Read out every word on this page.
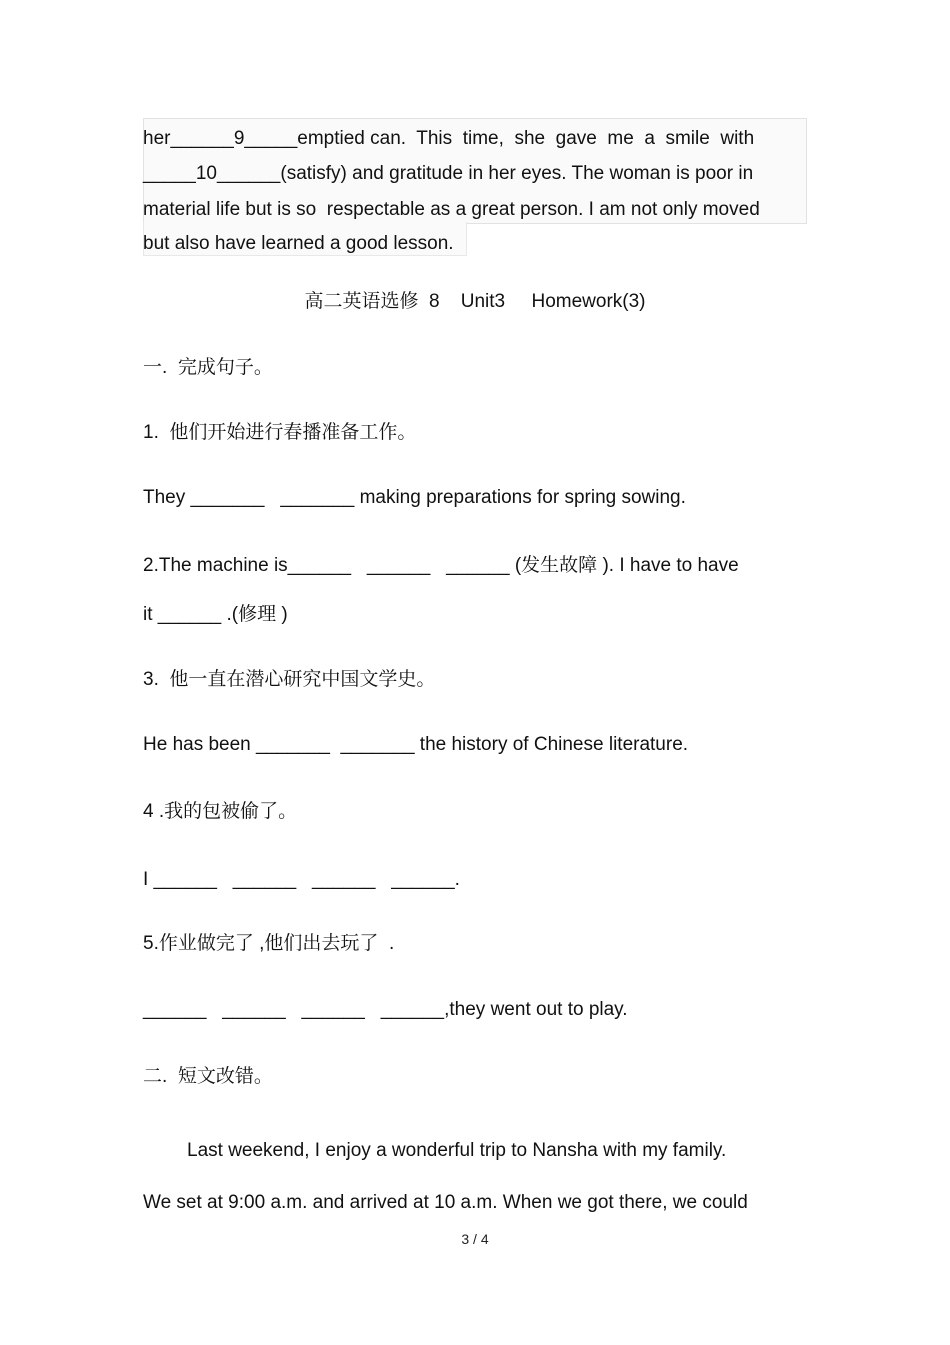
her______9_____emptied can.  This  time,  she  gave  me  a  smile  with
_____10______(satisfy) and gratitude in her eyes. The woman is poor in
material life but is so  respectable as a great person. I am not only moved
but also have learned a good lesson.
高二英语选修  8    Unit3     Homework(3)
一.  完成句子。
1.  他们开始进行春播准备工作。
They _______   _______ making preparations for spring sowing.
2.The machine is______   ______   ______ (发生故障 ). I have to have
it ______ .(修理 )
3.  他一直在潜心研究中国文学史。
He has been _______  _______ the history of Chinese literature.
4 .我的包被偷了。
I ______   ______   ______   ______.
5.作业做完了 ,他们出去玩了  .
______   ______   ______   ______,they went out to play.
二.  短文改错。
Last weekend, I enjoy a wonderful trip to Nansha with my family.
We set at 9:00 a.m. and arrived at 10 a.m. When we got there, we could
3 / 4
